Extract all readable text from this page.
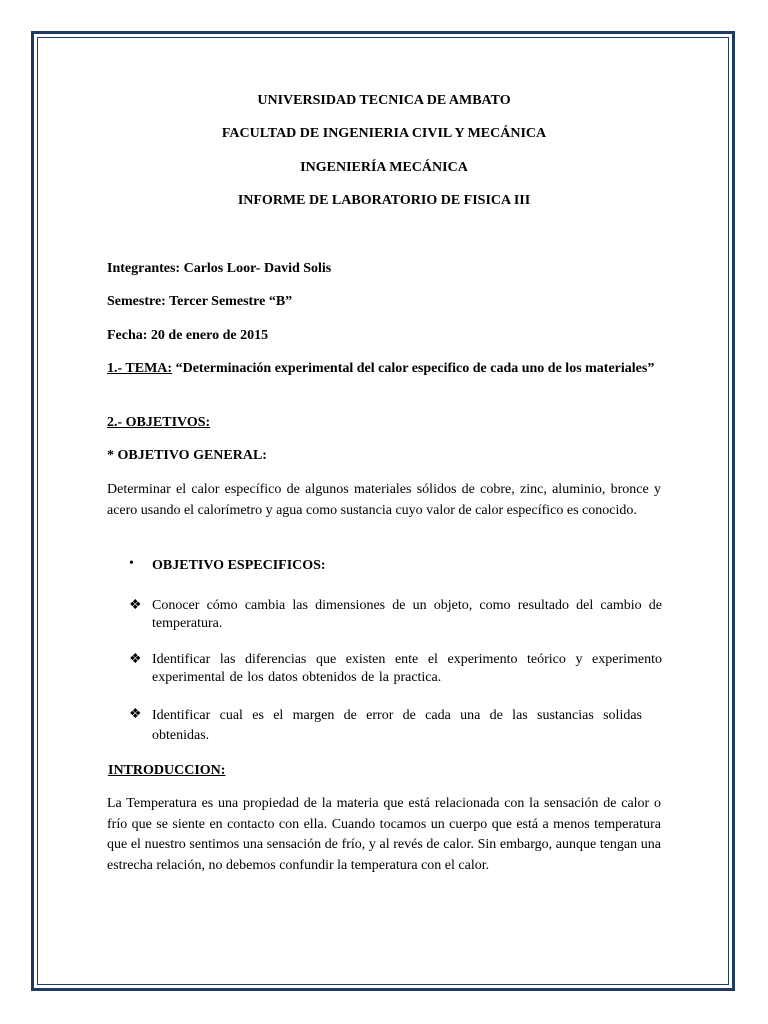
UNIVERSIDAD TECNICA DE AMBATO
FACULTAD DE INGENIERIA CIVIL Y MECÁNICA
INGENIERÍA MECÁNICA
INFORME DE LABORATORIO DE FISICA III
Integrantes: Carlos Loor- David Solis
Semestre: Tercer Semestre “B”
Fecha: 20 de enero de 2015
1.- TEMA: “Determinación experimental del calor especifico de cada uno de los materiales”
2.- OBJETIVOS:
* OBJETIVO GENERAL:
Determinar el calor específico de algunos materiales sólidos de cobre, zinc, aluminio, bronce y acero usando el calorímetro y agua como sustancia cuyo valor de calor específico es conocido.
• OBJETIVO ESPECIFICOS:
❖ Conocer cómo cambia las dimensiones de un objeto, como resultado del cambio de temperatura.
❖ Identificar las diferencias que existen ente el experimento teórico y experimento experimental de los datos obtenidos de la practica.
❖ Identificar cual es el margen de error de cada una de las sustancias solidas obtenidas.
INTRODUCCION:
La Temperatura es una propiedad de la materia que está relacionada con la sensación de calor o frío que se siente en contacto con ella. Cuando tocamos un cuerpo que está a menos temperatura que el nuestro sentimos una sensación de frío, y al revés de calor. Sin embargo, aunque tengan una estrecha relación, no debemos confundir la temperatura con el calor.
